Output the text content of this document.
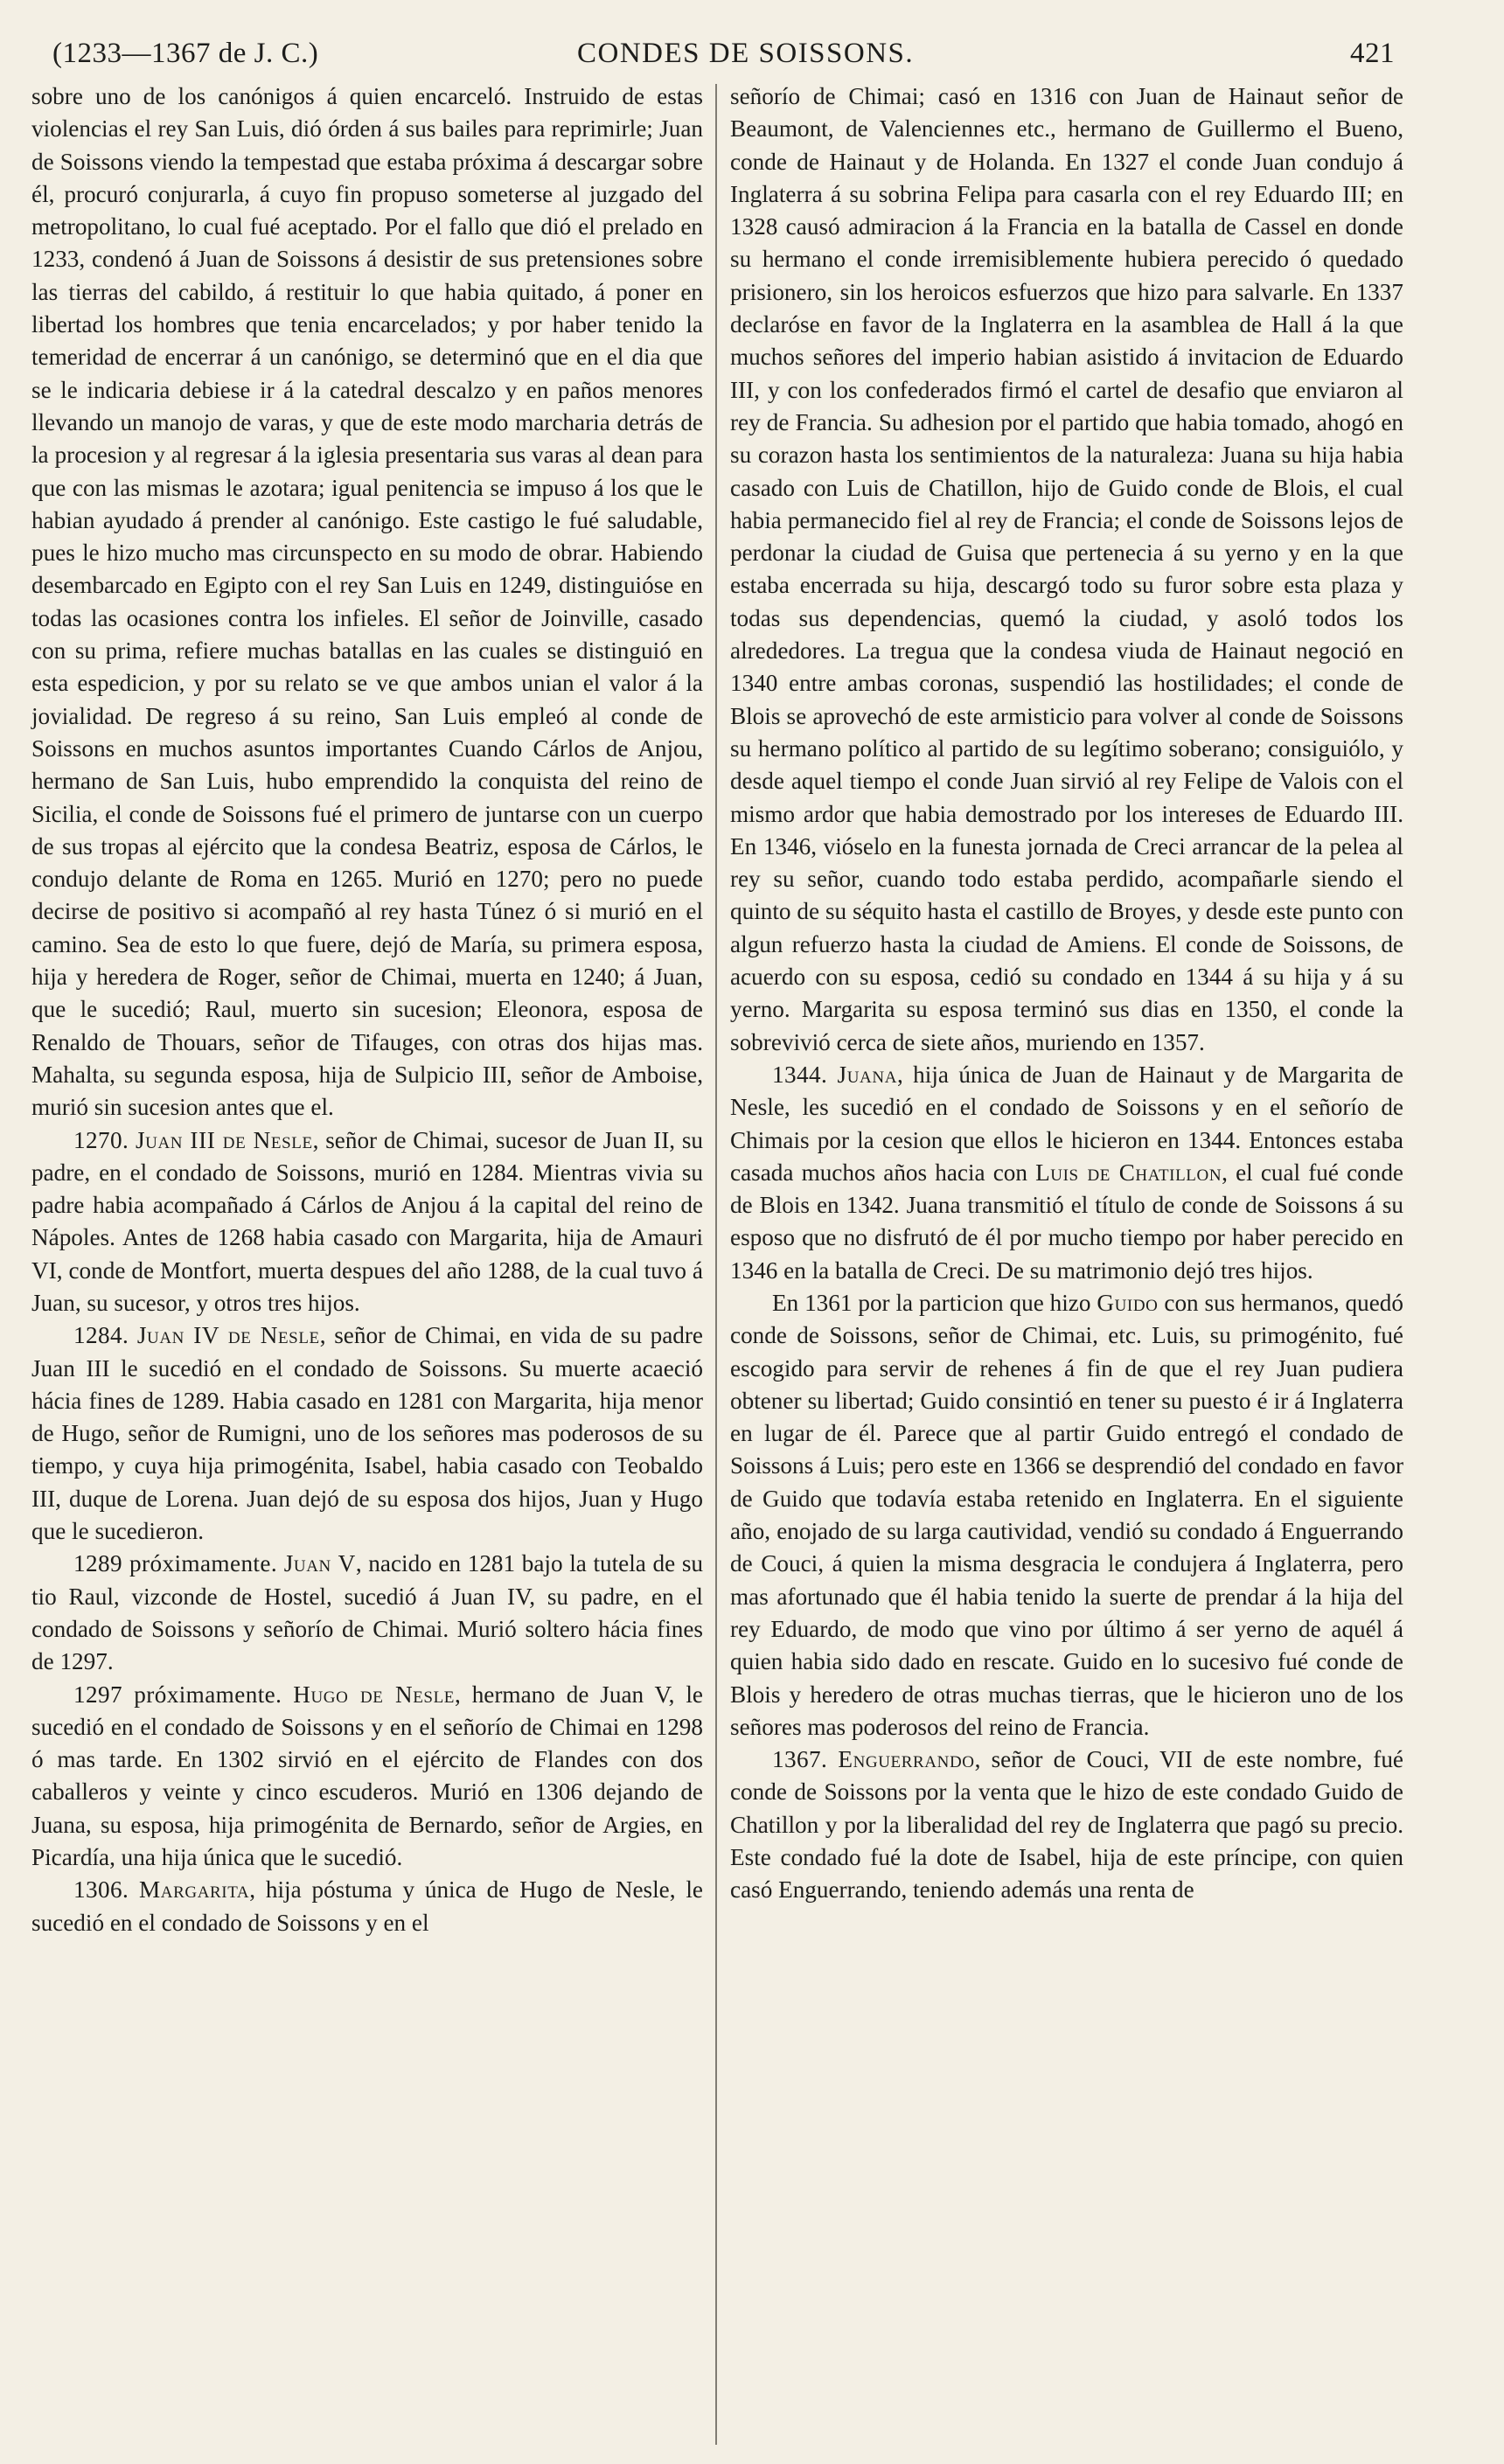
(1233—1367 de J. C.)	CONDES DE SOISSONS.	421

sobre uno de los canónigos á quien encarceló. Instruido de estas violencias el rey San Luis, dió órden á sus bailes para reprimirle; Juan de Soissons viendo la tempestad que estaba próxima á descargar sobre él, procuró conjurarla, á cuyo fin propuso someterse al juzgado del metropolitano, lo cual fué aceptado. Por el fallo que dió el prelado en 1233, condenó á Juan de Soissons á desistir de sus pretensiones sobre las tierras del cabildo, á restituir lo que habia quitado, á poner en libertad los hombres que tenia encarcelados; y por haber tenido la temeridad de encerrar á un canónigo, se determinó que en el dia que se le indicaria debiese ir á la catedral descalzo y en paños menores llevando un manojo de varas, y que de este modo marcharia detrás de la procesion y al regresar á la iglesia presentaria sus varas al dean para que con las mismas le azotara; igual penitencia se impuso á los que le habian ayudado á prender al canónigo. Este castigo le fué saludable, pues le hizo mucho mas circunspecto en su modo de obrar. Habiendo desembarcado en Egipto con el rey San Luis en 1249, distinguióse en todas las ocasiones contra los infieles. El señor de Joinville, casado con su prima, refiere muchas batallas en las cuales se distinguió en esta espedicion, y por su relato se ve que ambos unian el valor á la jovialidad. De regreso á su reino, San Luis empleó al conde de Soissons en muchos asuntos importantes Cuando Cárlos de Anjou, hermano de San Luis, hubo emprendido la conquista del reino de Sicilia, el conde de Soissons fué el primero de juntarse con un cuerpo de sus tropas al ejército que la condesa Beatriz, esposa de Cárlos, le condujo delante de Roma en 1265. Murió en 1270; pero no puede decirse de positivo si acompañó al rey hasta Túnez ó si murió en el camino. Sea de esto lo que fuere, dejó de María, su primera esposa, hija y heredera de Roger, señor de Chimai, muerta en 1240; á Juan, que le sucedió; Raul, muerto sin sucesion; Eleonora, esposa de Renaldo de Thouars, señor de Tifauges, con otras dos hijas mas. Mahalta, su segunda esposa, hija de Sulpicio III, señor de Amboise, murió sin sucesion antes que el.

1270. Juan III de Nesle, señor de Chimai, sucesor de Juan II, su padre, en el condado de Soissons, murió en 1284. Mientras vivia su padre habia acompañado á Cárlos de Anjou á la capital del reino de Nápoles. Antes de 1268 habia casado con Margarita, hija de Amauri VI, conde de Montfort, muerta despues del año 1288, de la cual tuvo á Juan, su sucesor, y otros tres hijos.

1284. Juan IV de Nesle, señor de Chimai, en vida de su padre Juan III le sucedió en el condado de Soissons. Su muerte acaeció hácia fines de 1289. Habia casado en 1281 con Margarita, hija menor de Hugo, señor de Rumigni, uno de los señores mas poderosos de su tiempo, y cuya hija primogénita, Isabel, habia casado con Teobaldo III, duque de Lorena. Juan dejó de su esposa dos hijos, Juan y Hugo que le sucedieron.

1289 próximamente. Juan V, nacido en 1281 bajo la tutela de su tio Raul, vizconde de Hostel, sucedió á Juan IV, su padre, en el condado de Soissons y señorío de Chimai. Murió soltero hácia fines de 1297.

1297 próximamente. Hugo de Nesle, hermano de Juan V, le sucedió en el condado de Soissons y en el señorío de Chimai en 1298 ó mas tarde. En 1302 sirvió en el ejército de Flandes con dos caballeros y veinte y cinco escuderos. Murió en 1306 dejando de Juana, su esposa, hija primogénita de Bernardo, señor de Argies, en Picardía, una hija única que le sucedió.

1306. Margarita, hija póstuma y única de Hugo de Nesle, le sucedió en el condado de Soissons y en el

señorío de Chimai; casó en 1316 con Juan de Hainaut señor de Beaumont, de Valenciennes etc., hermano de Guillermo el Bueno, conde de Hainaut y de Holanda. En 1327 el conde Juan condujo á Inglaterra á su sobrina Felipa para casarla con el rey Eduardo III; en 1328 causó admiracion á la Francia en la batalla de Cassel en donde su hermano el conde irremisiblemente hubiera perecido ó quedado prisionero, sin los heroicos esfuerzos que hizo para salvarle. En 1337 declaróse en favor de la Inglaterra en la asamblea de Hall á la que muchos señores del imperio habian asistido á invitacion de Eduardo III, y con los confederados firmó el cartel de desafio que enviaron al rey de Francia. Su adhesion por el partido que habia tomado, ahogó en su corazon hasta los sentimientos de la naturaleza: Juana su hija habia casado con Luis de Chatillon, hijo de Guido conde de Blois, el cual habia permanecido fiel al rey de Francia; el conde de Soissons lejos de perdonar la ciudad de Guisa que pertenecia á su yerno y en la que estaba encerrada su hija, descargó todo su furor sobre esta plaza y todas sus dependencias, quemó la ciudad, y asoló todos los alrededores. La tregua que la condesa viuda de Hainaut negoció en 1340 entre ambas coronas, suspendió las hostilidades; el conde de Blois se aprovechó de este armisticio para volver al conde de Soissons su hermano político al partido de su legítimo soberano; consiguiólo, y desde aquel tiempo el conde Juan sirvió al rey Felipe de Valois con el mismo ardor que habia demostrado por los intereses de Eduardo III. En 1346, vióselo en la funesta jornada de Creci arrancar de la pelea al rey su señor, cuando todo estaba perdido, acompañarle siendo el quinto de su séquito hasta el castillo de Broyes, y desde este punto con algun refuerzo hasta la ciudad de Amiens. El conde de Soissons, de acuerdo con su esposa, cedió su condado en 1344 á su hija y á su yerno. Margarita su esposa terminó sus dias en 1350, el conde la sobrevivió cerca de siete años, muriendo en 1357.

1344. Juana, hija única de Juan de Hainaut y de Margarita de Nesle, les sucedió en el condado de Soissons y en el señorío de Chimais por la cesion que ellos le hicieron en 1344. Entonces estaba casada muchos años hacia con Luis de Chatillon, el cual fué conde de Blois en 1342. Juana transmitió el título de conde de Soissons á su esposo que no disfrutó de él por mucho tiempo por haber perecido en 1346 en la batalla de Creci. De su matrimonio dejó tres hijos.

En 1361 por la particion que hizo Guido con sus hermanos, quedó conde de Soissons, señor de Chimai, etc. Luis, su primogénito, fué escogido para servir de rehenes á fin de que el rey Juan pudiera obtener su libertad; Guido consintió en tener su puesto é ir á Inglaterra en lugar de él. Parece que al partir Guido entregó el condado de Soissons á Luis; pero este en 1366 se desprendió del condado en favor de Guido que todavía estaba retenido en Inglaterra. En el siguiente año, enojado de su larga cautividad, vendió su condado á Enguerrando de Couci, á quien la misma desgracia le condujera á Inglaterra, pero mas afortunado que él habia tenido la suerte de prendar á la hija del rey Eduardo, de modo que vino por último á ser yerno de aquél á quien habia sido dado en rescate. Guido en lo sucesivo fué conde de Blois y heredero de otras muchas tierras, que le hicieron uno de los señores mas poderosos del reino de Francia.

1367. Enguerrando, señor de Couci, VII de este nombre, fué conde de Soissons por la venta que le hizo de este condado Guido de Chatillon y por la liberalidad del rey de Inglaterra que pagó su precio. Este condado fué la dote de Isabel, hija de este príncipe, con quien casó Enguerrando, teniendo además una renta de
